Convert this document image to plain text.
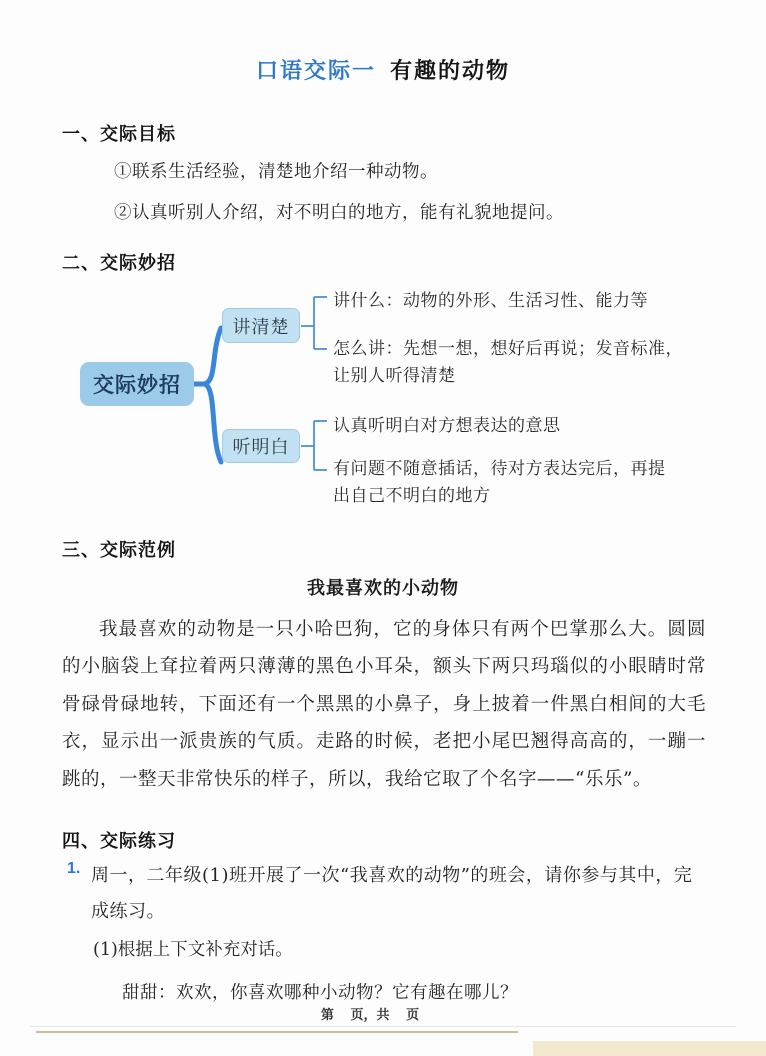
口语交际一 有趣的动物
一、交际目标
①联系生活经验，清楚地介绍一种动物。
②认真听别人介绍，对不明白的地方，能有礼貌地提问。
二、交际妙招
交际妙招
讲清楚
听明白
讲什么：动物的外形、生活习性、能力等
怎么讲：先想一想，想好后再说；发音标准，让别人听得清楚
认真听明白对方想表达的意思
有问题不随意插话，待对方表达完后，再提出自己不明白的地方
三、交际范例
我最喜欢的小动物
我最喜欢的动物是一只小哈巴狗，它的身体只有两个巴掌那么大。圆圆的小脑袋上耷拉着两只薄薄的黑色小耳朵，额头下两只玛瑙似的小眼睛时常骨碌骨碌地转，下面还有一个黑黑的小鼻子，身上披着一件黑白相间的大毛衣，显示出一派贵族的气质。走路的时候，老把小尾巴翘得高高的，一蹦一跳的，一整天非常快乐的样子，所以，我给它取了个名字——“乐乐”。
四、交际练习
1. 周一，二年级(1)班开展了一次“我喜欢的动物”的班会，请你参与其中，完成练习。
(1)根据上下文补充对话。
甜甜：欢欢，你喜欢哪种小动物？它有趣在哪儿？
第　 页，共　 页
